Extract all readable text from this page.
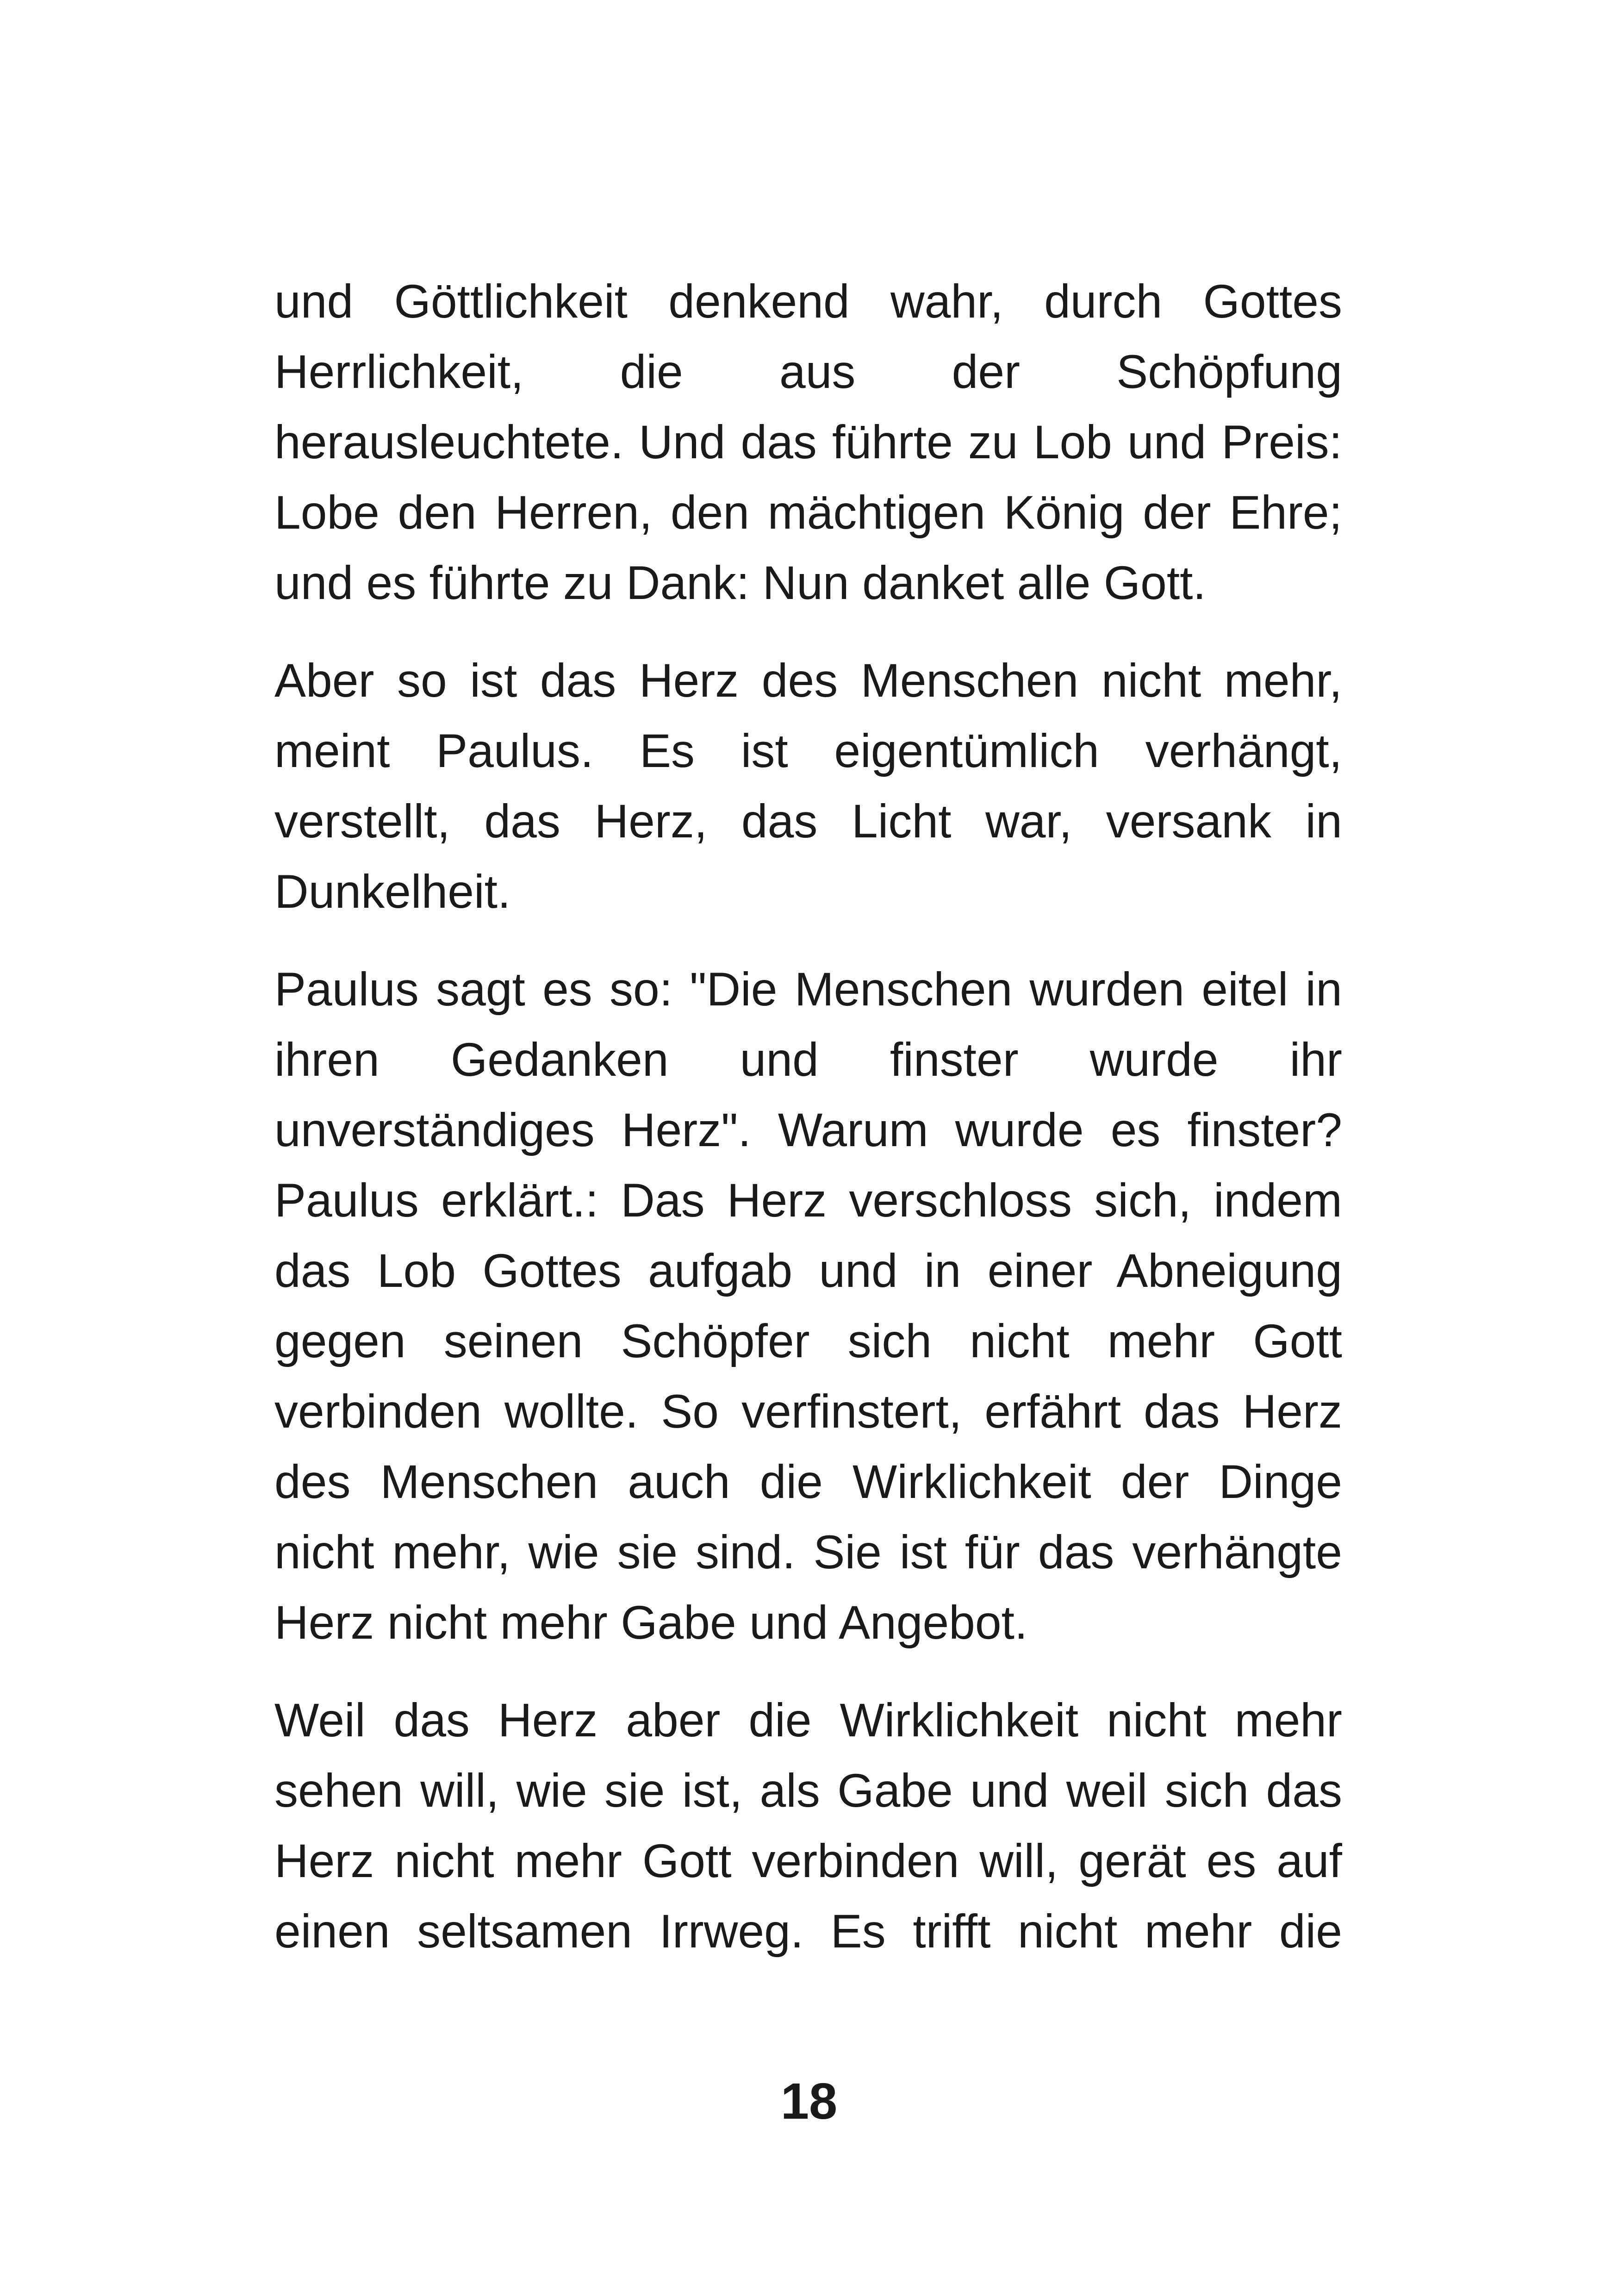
und Göttlichkeit denkend wahr, durch Gottes
Herrlichkeit, die aus der Schöpfung
herausleuchtete. Und das führte zu Lob und Preis:
Lobe den Herren, den mächtigen König der Ehre;
und es führte zu Dank: Nun danket alle Gott.
Aber so ist das Herz des Menschen nicht mehr,
meint Paulus. Es ist eigentümlich verhängt,
verstellt, das Herz, das Licht war, versank in
Dunkelheit.
Paulus sagt es so: "Die Menschen wurden eitel in
ihren Gedanken und finster wurde ihr
unverständiges Herz". Warum wurde es finster?
Paulus erklärt.: Das Herz verschloss sich, indem
das Lob Gottes aufgab und in einer Abneigung
gegen seinen Schöpfer sich nicht mehr Gott
verbinden wollte. So verfinstert, erfährt das Herz
des Menschen auch die Wirklichkeit der Dinge
nicht mehr, wie sie sind. Sie ist für das verhängte
Herz nicht mehr Gabe und Angebot.
Weil das Herz aber die Wirklichkeit nicht mehr
sehen will, wie sie ist, als Gabe und weil sich das
Herz nicht mehr Gott verbinden will, gerät es auf
einen seltsamen Irrweg. Es trifft nicht mehr die
18
